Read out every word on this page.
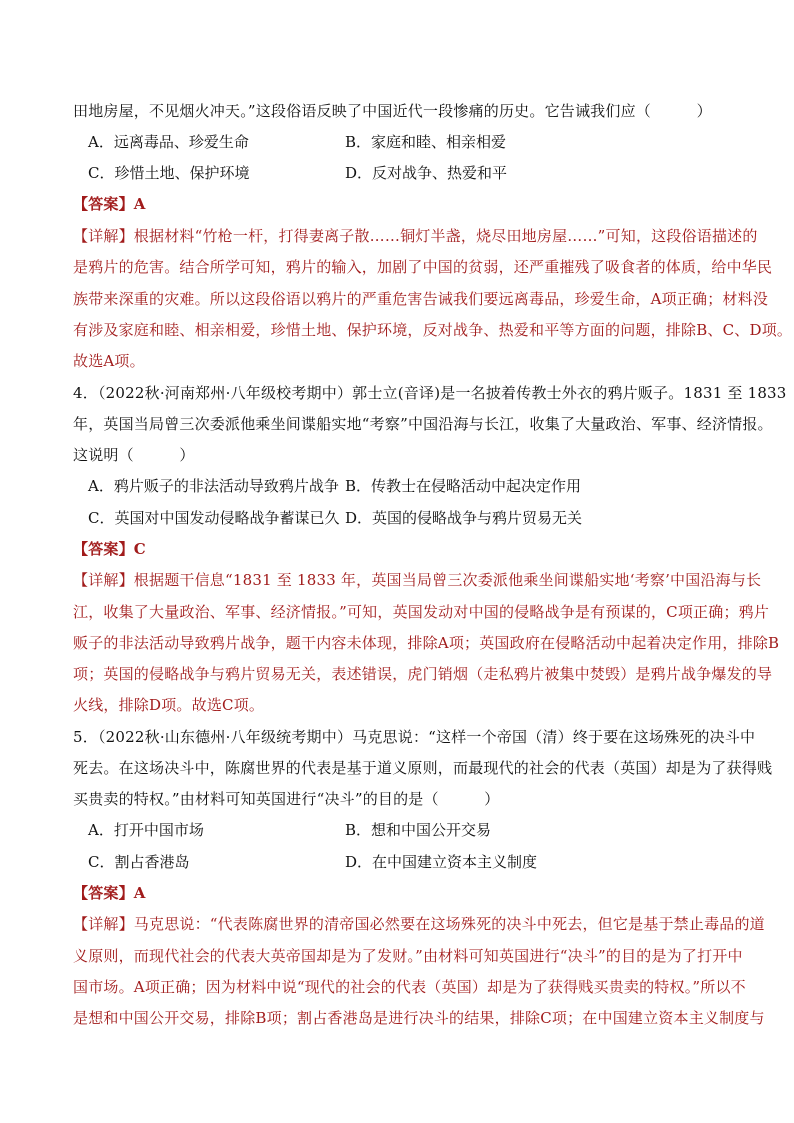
田地房屋，不见烟火冲天。”这段俗语反映了中国近代一段惨痛的历史。它告诫我们应（　　　）
A．远离毒品、珍爱生命	B．家庭和睦、相亲相爱
C．珍惜土地、保护环境	D．反对战争、热爱和平
【答案】A
【详解】根据材料“竹枪一杆，打得妻离子散……铜灯半盏，烧尽田地房屋……”可知，这段俗语描述的
是鸦片的危害。结合所学可知，鸦片的输入，加剧了中国的贫弱，还严重摧残了吸食者的体质，给中华民
族带来深重的灾难。所以这段俗语以鸦片的严重危害告诫我们要远离毒品，珍爱生命，A项正确；材料没
有涉及家庭和睦、相亲相爱，珍惜土地、保护环境，反对战争、热爱和平等方面的问题，排除B、C、D项。
故选A项。
4．（2022秋·河南郑州·八年级校考期中）郭士立(音译)是一名披着传教士外衣的鸦片贩子。1831 至 1833
年，英国当局曾三次委派他乘坐间谍船实地“考察”中国沿海与长江，收集了大量政治、军事、经济情报。
这说明（　　　）
A．鸦片贩子的非法活动导致鸦片战争 B．传教士在侵略活动中起决定作用
C．英国对中国发动侵略战争蓄谋已久 D．英国的侵略战争与鸦片贸易无关
【答案】C
【详解】根据题干信息“1831 至 1833 年，英国当局曾三次委派他乘坐间谍船实地‘考察’中国沿海与长
江，收集了大量政治、军事、经济情报。”可知，英国发动对中国的侵略战争是有预谋的，C项正确；鸦片
贩子的非法活动导致鸦片战争，题干内容未体现，排除A项；英国政府在侵略活动中起着决定作用，排除B
项；英国的侵略战争与鸦片贸易无关，表述错误，虎门销烟（走私鸦片被集中焚毁）是鸦片战争爆发的导
火线，排除D项。故选C项。
5．（2022秋·山东德州·八年级统考期中）马克思说：“这样一个帝国（清）终于要在这场殊死的决斗中
死去。在这场决斗中，陈腐世界的代表是基于道义原则，而最现代的社会的代表（英国）却是为了获得贱
买贵卖的特权。”由材料可知英国进行“决斗”的目的是（　　　）
A．打开中国市场	B．想和中国公开交易
C．割占香港岛	D．在中国建立资本主义制度
【答案】A
【详解】马克思说：“代表陈腐世界的清帝国必然要在这场殊死的决斗中死去，但它是基于禁止毒品的道
义原则，而现代社会的代表大英帝国却是为了发财。”由材料可知英国进行“决斗”的目的是为了打开中
国市场。A项正确；因为材料中说“现代的社会的代表（英国）却是为了获得贱买贵卖的特权。”所以不
是想和中国公开交易，排除B项；割占香港岛是进行决斗的结果，排除C项；在中国建立资本主义制度与
